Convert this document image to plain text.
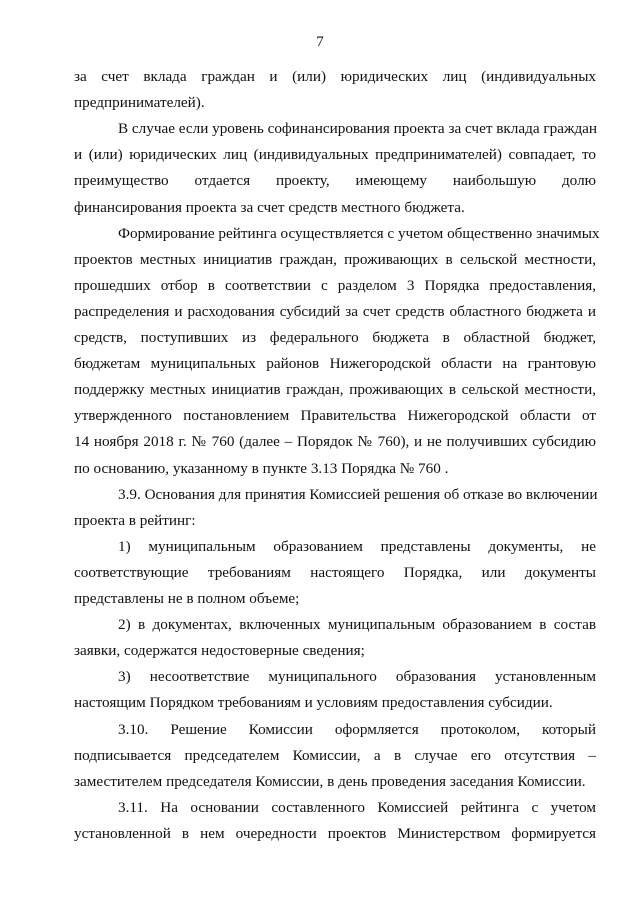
7
за счет вклада граждан и (или) юридических лиц (индивидуальных
предпринимателей).
В случае если уровень софинансирования проекта за счет вклада граждан
и (или) юридических лиц (индивидуальных предпринимателей) совпадает, то
преимущество отдается проекту, имеющему наибольшую долю
финансирования проекта за счет средств местного бюджета.
Формирование рейтинга осуществляется с учетом общественно значимых
проектов местных инициатив граждан, проживающих в сельской местности,
прошедших отбор в соответствии с разделом 3 Порядка предоставления,
распределения и расходования субсидий за счет средств областного бюджета и
средств, поступивших из федерального бюджета в областной бюджет,
бюджетам муниципальных районов Нижегородской области на грантовую
поддержку местных инициатив граждан, проживающих в сельской местности,
утвержденного постановлением Правительства Нижегородской области от
14 ноября 2018 г. № 760 (далее – Порядок № 760), и не получивших субсидию
по основанию, указанному в пункте 3.13 Порядка № 760 .
3.9. Основания для принятия Комиссией решения об отказе во включении
проекта в рейтинг:
1) муниципальным образованием представлены документы, не
соответствующие требованиям настоящего Порядка, или документы
представлены не в полном объеме;
2) в документах, включенных муниципальным образованием в состав
заявки, содержатся недостоверные сведения;
3) несоответствие муниципального образования установленным
настоящим Порядком требованиям и условиям предоставления субсидии.
3.10. Решение Комиссии оформляется протоколом, который
подписывается председателем Комиссии, а в случае его отсутствия –
заместителем председателя Комиссии, в день проведения заседания Комиссии.
3.11. На основании составленного Комиссией рейтинга с учетом
установленной в нем очередности проектов Министерством формируется
